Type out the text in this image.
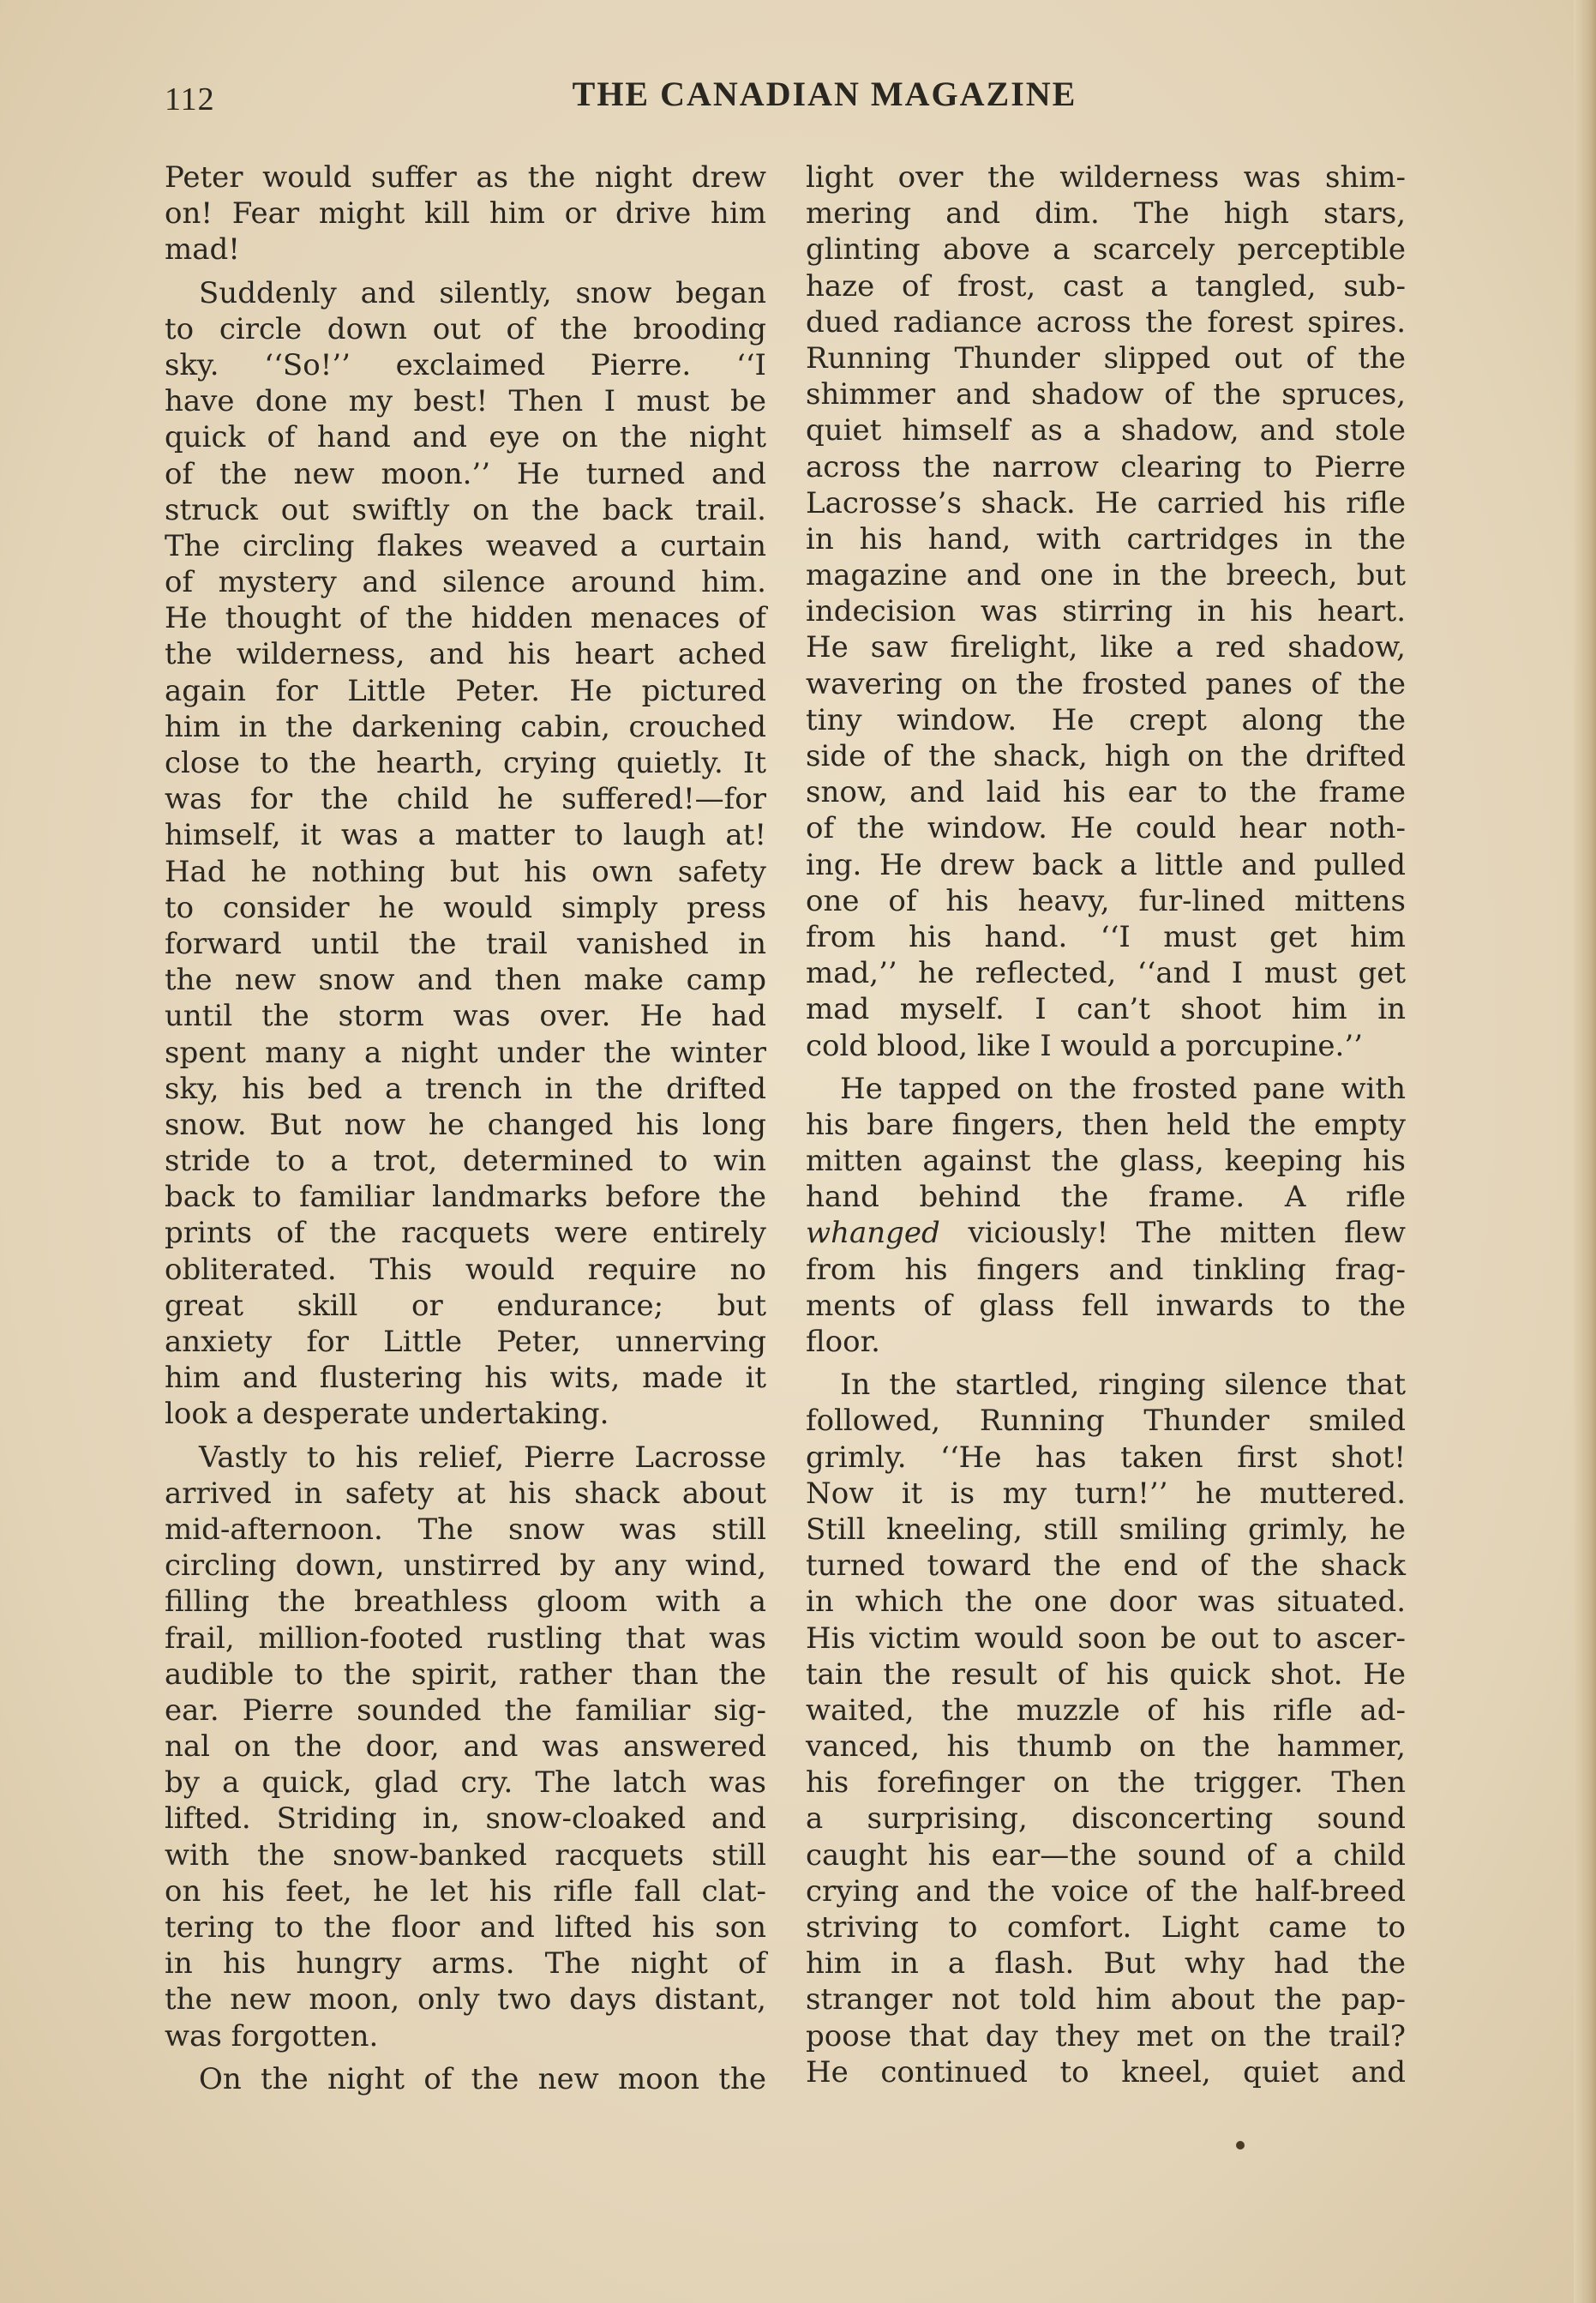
112	THE CANADIAN MAGAZINE
Peter would suffer as the night drew
on! Fear might kill him or drive him
mad!
Suddenly and silently, snow began
to circle down out of the brooding
sky. ‘‘So!’’ exclaimed Pierre. ‘‘I
have done my best! Then I must be
quick of hand and eye on the night
of the new moon.’’ He turned and
struck out swiftly on the back trail.
The circling flakes weaved a curtain
of mystery and silence around him.
He thought of the hidden menaces of
the wilderness, and his heart ached
again for Little Peter. He pictured
him in the darkening cabin, crouched
close to the hearth, crying quietly. It
was for the child he suffered!—for
himself, it was a matter to laugh at!
Had he nothing but his own safety
to consider he would simply press
forward until the trail vanished in
the new snow and then make camp
until the storm was over. He had
spent many a night under the winter
sky, his bed a trench in the drifted
snow. But now he changed his long
stride to a trot, determined to win
back to familiar landmarks before the
prints of the racquets were entirely
obliterated. This would require no
great skill or endurance; but
anxiety for Little Peter, unnerving
him and flustering his wits, made it
look a desperate undertaking.
Vastly to his relief, Pierre Lacrosse
arrived in safety at his shack about
mid-afternoon. The snow was still
circling down, unstirred by any wind,
filling the breathless gloom with a
frail, million-footed rustling that was
audible to the spirit, rather than the
ear. Pierre sounded the familiar sig-
nal on the door, and was answered
by a quick, glad cry. The latch was
lifted. Striding in, snow-cloaked and
with the snow-banked racquets still
on his feet, he let his rifle fall clat-
tering to the floor and lifted his son
in his hungry arms. The night of
the new moon, only two days distant,
was forgotten.
On the night of the new moon the
light over the wilderness was shim-
mering and dim. The high stars,
glinting above a scarcely perceptible
haze of frost, cast a tangled, sub-
dued radiance across the forest spires.
Running Thunder slipped out of the
shimmer and shadow of the spruces,
quiet himself as a shadow, and stole
across the narrow clearing to Pierre
Lacrosse’s shack. He carried his rifle
in his hand, with cartridges in the
magazine and one in the breech, but
indecision was stirring in his heart.
He saw firelight, like a red shadow,
wavering on the frosted panes of the
tiny window. He crept along the
side of the shack, high on the drifted
snow, and laid his ear to the frame
of the window. He could hear noth-
ing. He drew back a little and pulled
one of his heavy, fur-lined mittens
from his hand. ‘‘I must get him
mad,’’ he reflected, ‘‘and I must get
mad myself. I can’t shoot him in
cold blood, like I would a porcupine.’’
He tapped on the frosted pane with
his bare fingers, then held the empty
mitten against the glass, keeping his
hand behind the frame. A rifle
whanged viciously! The mitten flew
from his fingers and tinkling frag-
ments of glass fell inwards to the
floor.
In the startled, ringing silence that
followed, Running Thunder smiled
grimly. ‘‘He has taken first shot!
Now it is my turn!’’ he muttered.
Still kneeling, still smiling grimly, he
turned toward the end of the shack
in which the one door was situated.
His victim would soon be out to ascer-
tain the result of his quick shot. He
waited, the muzzle of his rifle ad-
vanced, his thumb on the hammer,
his forefinger on the trigger. Then
a surprising, disconcerting sound
caught his ear—the sound of a child
crying and the voice of the half-breed
striving to comfort. Light came to
him in a flash. But why had the
stranger not told him about the pap-
poose that day they met on the trail?
He continued to kneel, quiet and
